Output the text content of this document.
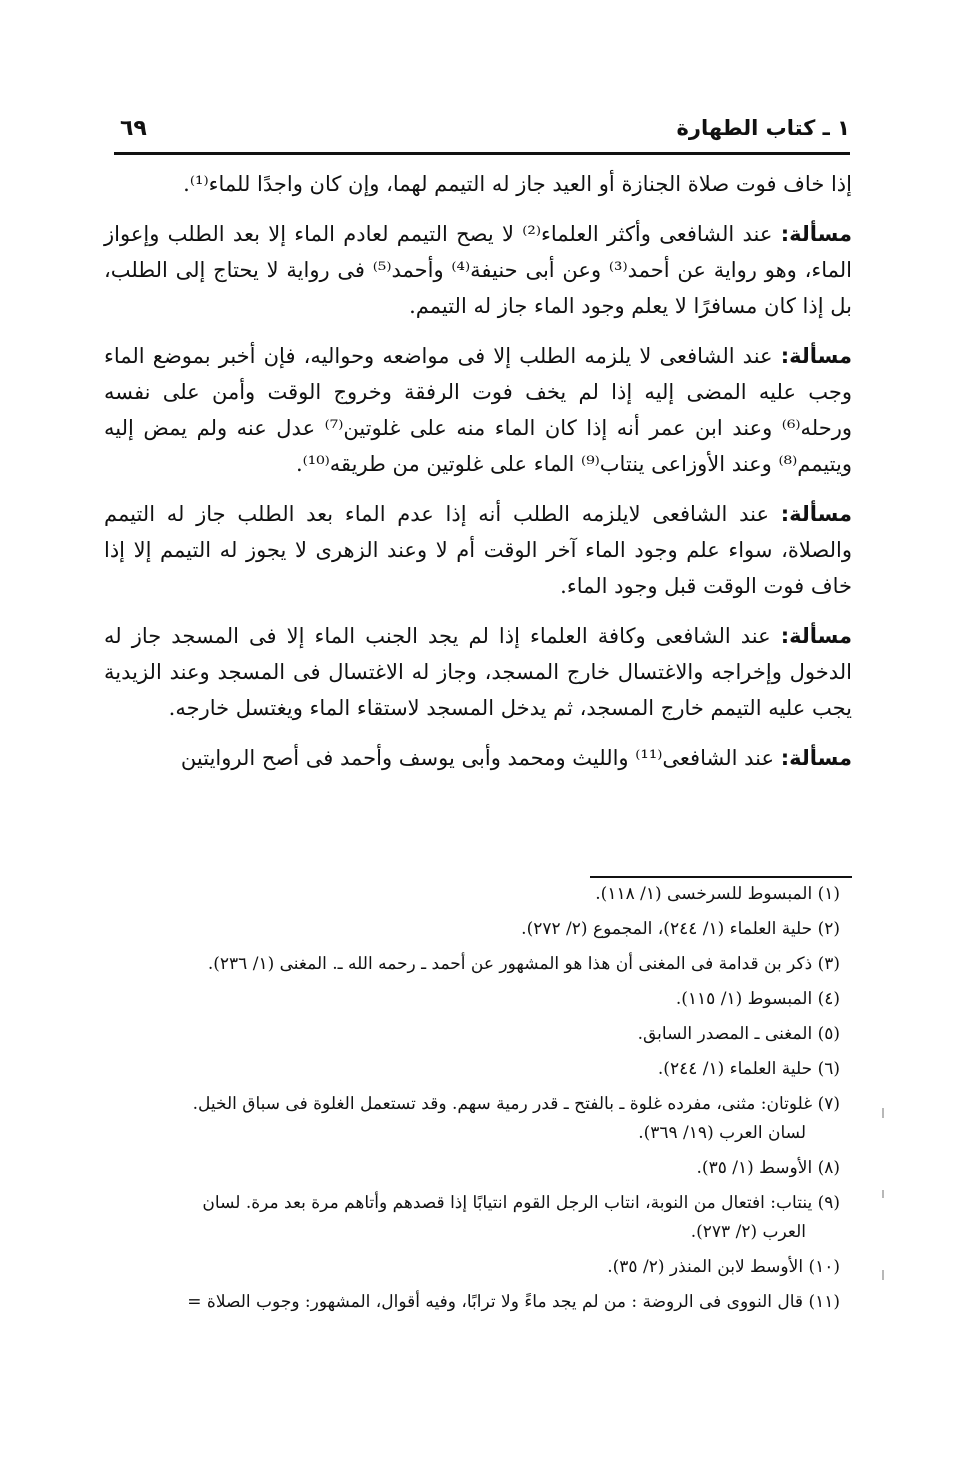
١ ـ كتاب الطهارة
٦٩

إذا خاف فوت صلاة الجنازة أو العيد جاز له التيمم لهما، وإن كان واجدًا للماء⁽¹⁾.

مسألة: عند الشافعى وأكثر العلماء⁽²⁾ لا يصح التيمم لعادم الماء إلا بعد الطلب وإعواز الماء، وهو رواية عن أحمد⁽³⁾ وعن أبى حنيفة⁽⁴⁾ وأحمد⁽⁵⁾ فى رواية لا يحتاج إلى الطلب، بل إذا كان مسافرًا لا يعلم وجود الماء جاز له التيمم.

مسألة: عند الشافعى لا يلزمه الطلب إلا فى مواضعه وحواليه، فإن أخبر بموضع الماء وجب عليه المضى إليه إذا لم يخف فوت الرفقة وخروج الوقت وأمن على نفسه ورحله⁽⁶⁾ وعند ابن عمر أنه إذا كان الماء منه على غلوتين⁽⁷⁾ عدل عنه ولم يمض إليه ويتيمم⁽⁸⁾ وعند الأوزاعى ينتاب⁽⁹⁾ الماء على غلوتين من طريقه⁽¹⁰⁾.

مسألة: عند الشافعى لايلزمه الطلب أنه إذا عدم الماء بعد الطلب جاز له التيمم والصلاة، سواء علم وجود الماء آخر الوقت أم لا وعند الزهرى لا يجوز له التيمم إلا إذا خاف فوت الوقت قبل وجود الماء.

مسألة: عند الشافعى وكافة العلماء إذا لم يجد الجنب الماء إلا فى المسجد جاز له الدخول وإخراجه والاغتسال خارج المسجد، وجاز له الاغتسال فى المسجد وعند الزيدية يجب عليه التيمم خارج المسجد، ثم يدخل المسجد لاستقاء الماء ويغتسل خارجه.

مسألة: عند الشافعى⁽¹¹⁾ والليث ومحمد وأبى يوسف وأحمد فى أصح الروايتين

(١) المبسوط للسرخسى (١/ ١١٨).

(٢) حلية العلماء (١/ ٢٤٤)، المجموع (٢/ ٢٧٢).

(٣) ذكر بن قدامة فى المغنى أن هذا هو المشهور عن أحمد ـ رحمه الله ـ. المغنى (١/ ٢٣٦).

(٤) المبسوط (١/ ١١٥).

(٥) المغنى ـ المصدر السابق.

(٦) حلية العلماء (١/ ٢٤٤).

(٧) غلوتان: مثنى، مفرده غلوة ـ بالفتح ـ قدر رمية سهم. وقد تستعمل الغلوة فى سباق الخيل.
لسان العرب (١٩/ ٣٦٩).

(٨) الأوسط (١/ ٣٥).

(٩) ينتاب: افتعال من النوبة، انتاب الرجل القوم انتيابًا إذا قصدهم وأتاهم مرة بعد مرة. لسان
العرب (٢/ ٢٧٣).

(١٠) الأوسط لابن المنذر (٢/ ٣٥).

(١١) قال النووى فى الروضة : من لم يجد ماءً ولا ترابًا، وفيه أقوال، المشهور: وجوب الصلاة =
